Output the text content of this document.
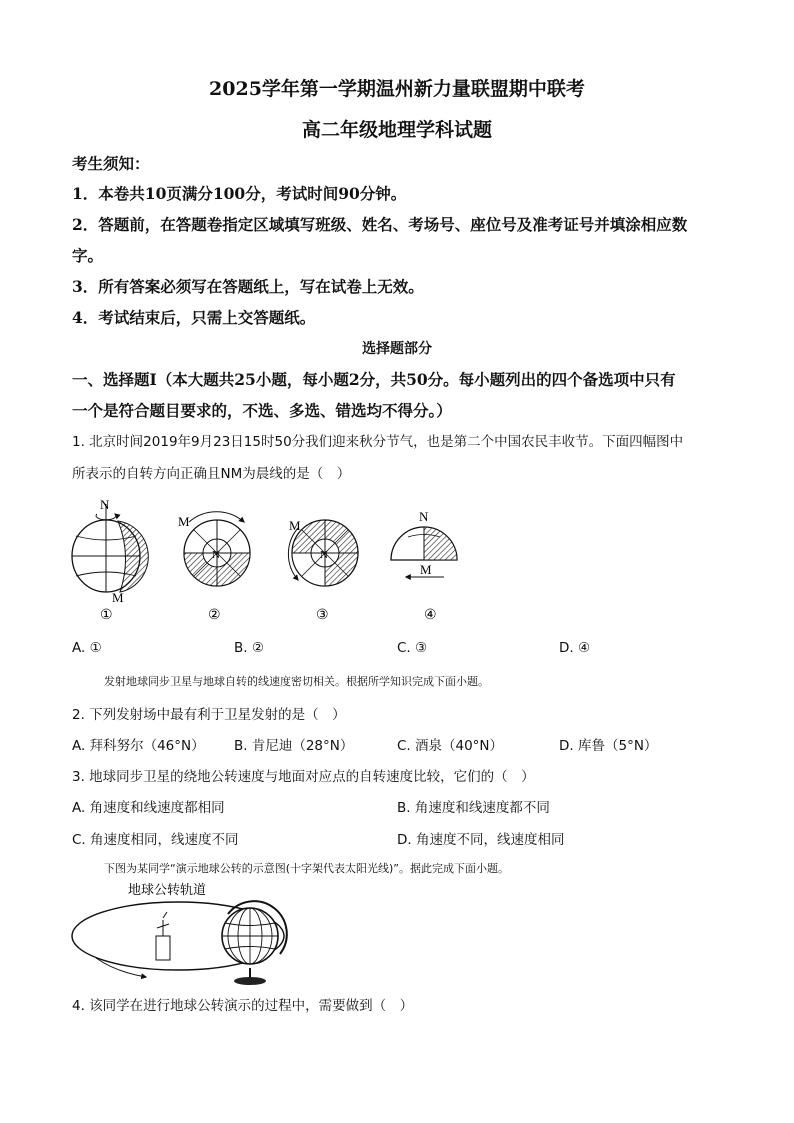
2025学年第一学期温州新力量联盟期中联考
高二年级地理学科试题
考生须知：
1．本卷共10页满分100分，考试时间90分钟。
2．答题前，在答题卷指定区域填写班级、姓名、考场号、座位号及准考证号并填涂相应数
字。
3．所有答案必须写在答题纸上，写在试卷上无效。
4．考试结束后，只需上交答题纸。
选择题部分
一、选择题Ⅰ（本大题共25小题，每小题2分，共50分。每小题列出的四个备选项中只有
一个是符合题目要求的，不选、多选、错选均不得分。）
1. 北京时间2019年9月23日15时50分我们迎来秋分节气，也是第二个中国农民丰收节。下面四幅图中
所表示的自转方向正确且NM为晨线的是（　）
N
M
M
N
M
N
N
M
①	②	③	④
A. ①	B. ②	C. ③	D. ④
发射地球同步卫星与地球自转的线速度密切相关。根据所学知识完成下面小题。
2. 下列发射场中最有利于卫星发射的是（　）
A. 拜科努尔（46°N） B. 肯尼迪（28°N）	C. 酒泉（40°N）	D. 库鲁（5°N）
3. 地球同步卫星的绕地公转速度与地面对应点的自转速度比较，它们的（　）
A. 角速度和线速度都相同	B. 角速度和线速度都不同
C. 角速度相同，线速度不同	D. 角速度不同，线速度相同
下图为某同学“演示地球公转的示意图(十字架代表太阳光线)”。据此完成下面小题。
地球公转轨道
4. 该同学在进行地球公转演示的过程中，需要做到（　）
